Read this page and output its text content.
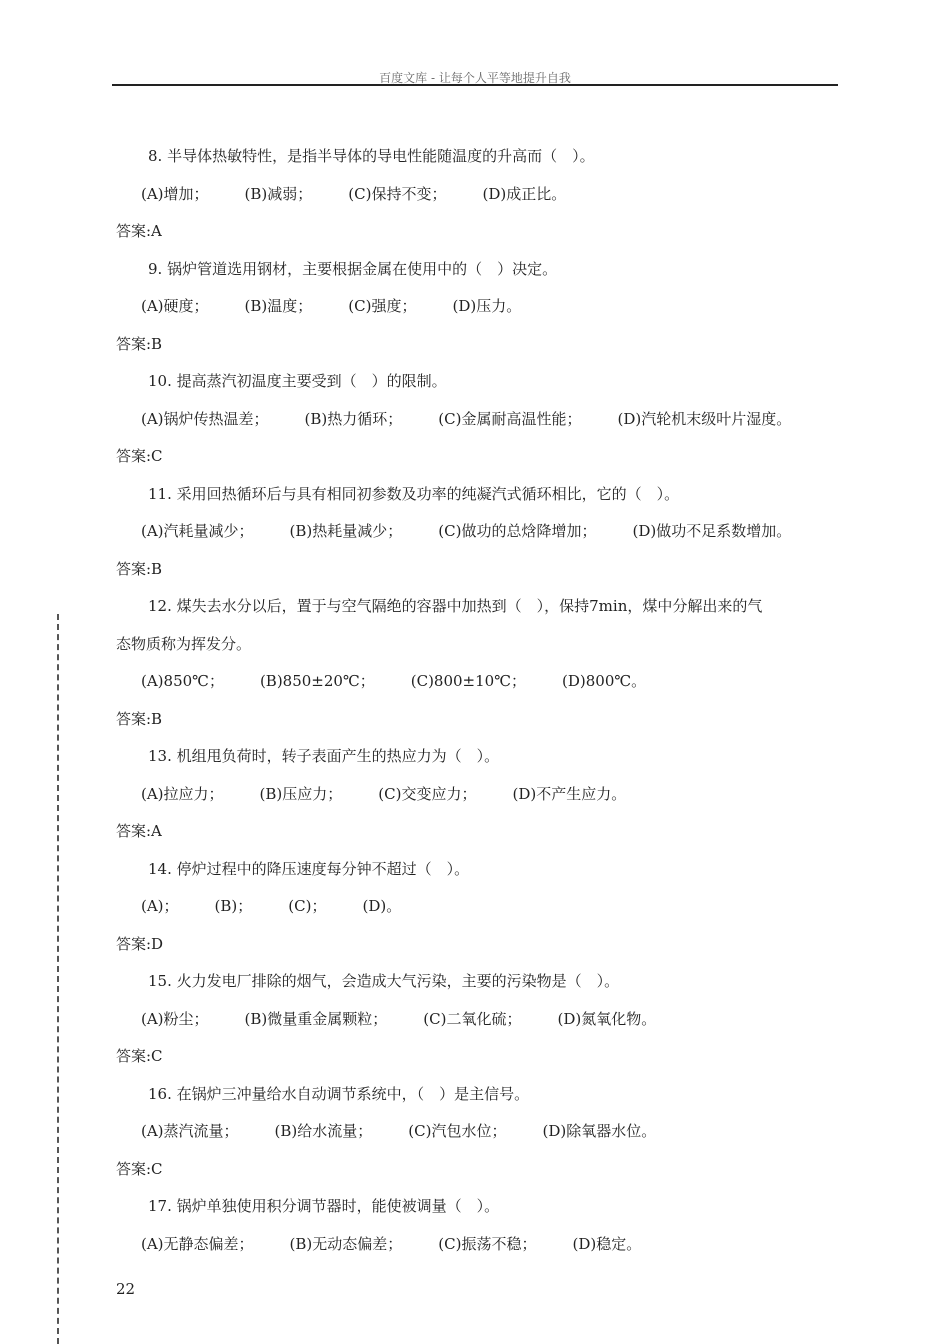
百度文库 - 让每个人平等地提升自我
8. 半导体热敏特性，是指半导体的导电性能随温度的升高而（　）。
(A)增加； (B)减弱； (C)保持不变； (D)成正比。
答案:A
9. 锅炉管道选用钢材，主要根据金属在使用中的（　）决定。
(A)硬度； (B)温度； (C)强度； (D)压力。
答案:B
10. 提高蒸汽初温度主要受到（　）的限制。
(A)锅炉传热温差； (B)热力循环； (C)金属耐高温性能； (D)汽轮机末级叶片湿度。
答案:C
11. 采用回热循环后与具有相同初参数及功率的纯凝汽式循环相比，它的（　）。
(A)汽耗量减少； (B)热耗量减少； (C)做功的总焓降增加； (D)做功不足系数增加。
答案:B
12. 煤失去水分以后，置于与空气隔绝的容器中加热到（　），保持7min，煤中分解出来的气
态物质称为挥发分。
(A)850℃； (B)850±20℃； (C)800±10℃； (D)800℃。
答案:B
13. 机组甩负荷时，转子表面产生的热应力为（　）。
(A)拉应力； (B)压应力； (C)交变应力； (D)不产生应力。
答案:A
14. 停炉过程中的降压速度每分钟不超过（　）。
(A)； (B)； (C)； (D)。
答案:D
15. 火力发电厂排除的烟气，会造成大气污染，主要的污染物是（　）。
(A)粉尘； (B)微量重金属颗粒； (C)二氧化硫； (D)氮氧化物。
答案:C
16. 在锅炉三冲量给水自动调节系统中，（　）是主信号。
(A)蒸汽流量； (B)给水流量； (C)汽包水位； (D)除氧器水位。
答案:C
17. 锅炉单独使用积分调节器时，能使被调量（　）。
(A)无静态偏差； (B)无动态偏差； (C)振荡不稳； (D)稳定。
22
